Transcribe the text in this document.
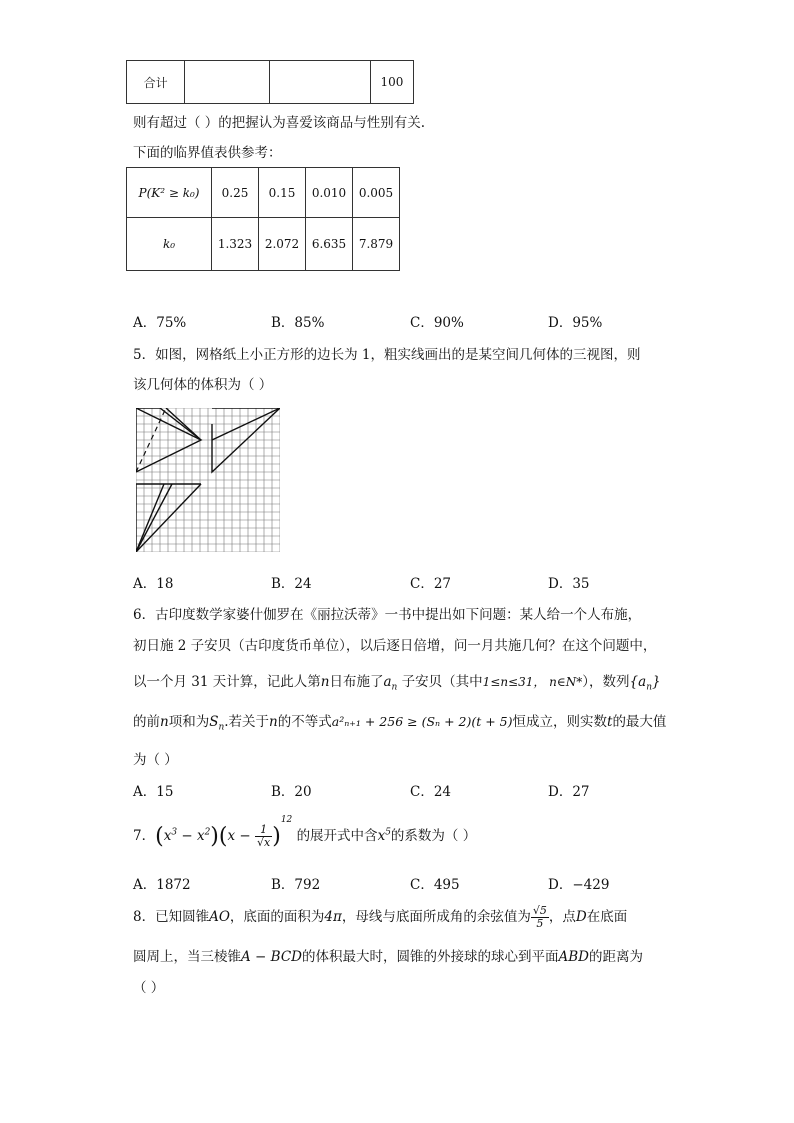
合计			100
则有超过（ ）的把握认为喜爱该商品与性别有关.
下面的临界值表供参考：
P(K² ≥ k₀)	0.25	0.15	0.010	0.005
k₀	1.323	2.072	6.635	7.879
A．75%	B．85%	C．90%	D．95%
5．如图，网格纸上小正方形的边长为 1，粗实线画出的是某空间几何体的三视图，则
该几何体的体积为（ ）
A．18	B．24	C．27	D．35
6．古印度数学家婆什伽罗在《丽拉沃蒂》一书中提出如下问题：某人给一个人布施，
初日施 2 子安贝（古印度货币单位），以后逐日倍增，问一月共施几何？在这个问题中，
以一个月 31 天计算，记此人第n日布施了$a_n$ 子安贝（其中1≤n≤31， n∈N*），数列$\{a_n\}$
的前n项和为$S_n$.若关于n的不等式a²ₙ₊₁ + 256 ≥ (Sₙ + 2)(t + 5)恒成立，则实数t的最大值
为（ ）
A．15	B．20	C．24	D．27
7．$(x^3 - x^2)(x - \frac{1}{√x} )^{12}$ 的展开式中含$x^5$的系数为（ ）
A．1872	B．792	C．495	D．−429
8．已知圆锥AO，底面的面积为4π，母线与底面所成角的余弦值为 $\frac{√5}{5}$ ，点D在底面
圆周上，当三棱锥A − BCD的体积最大时，圆锥的外接球的球心到平面ABD的距离为
（ ）
